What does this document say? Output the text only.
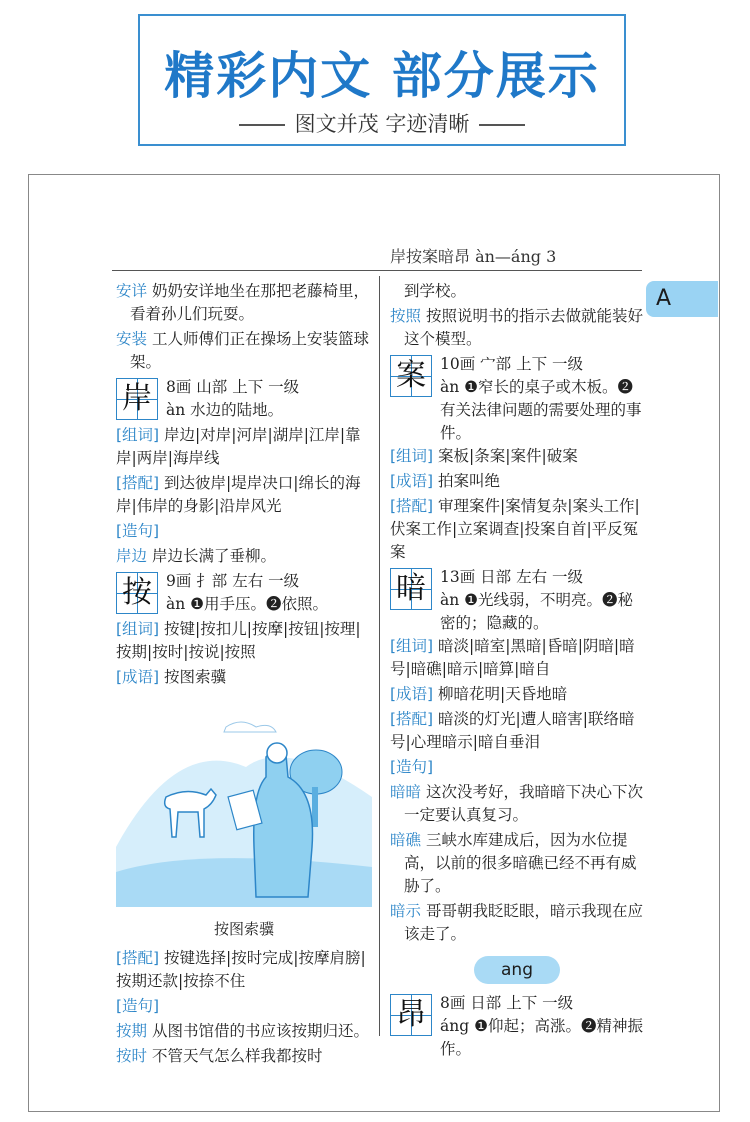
精彩内文 部分展示
图文并茂 字迹清晰
岸按案暗昂 àn—áng 3
A

安详 奶奶安详地坐在那把老藤椅里，看着孙儿们玩耍。

安装 工人师傅们正在操场上安装篮球架。

岸 8画 山部 上下 一级
àn 水边的陆地。

[组词] 岸边|对岸|河岸|湖岸|江岸|靠岸|两岸|海岸线

[搭配] 到达彼岸|堤岸决口|绵长的海岸|伟岸的身影|沿岸风光

[造句]

岸边 岸边长满了垂柳。

按 9画 扌部 左右 一级
àn ❶用手压。❷依照。

[组词] 按键|按扣儿|按摩|按钮|按理|按期|按时|按说|按照

[成语] 按图索骥

按图索骥

[搭配] 按键选择|按时完成|按摩肩膀|按期还款|按捺不住

[造句]

按期 从图书馆借的书应该按期归还。

按时 不管天气怎么样我都按时

到学校。

按照 按照说明书的指示去做就能装好这个模型。

案 10画 宀部 上下 一级
àn ❶窄长的桌子或木板。❷有关法律问题的需要处理的事件。

[组词] 案板|条案|案件|破案

[成语] 拍案叫绝

[搭配] 审理案件|案情复杂|案头工作|伏案工作|立案调查|投案自首|平反冤案

暗 13画 日部 左右 一级
àn ❶光线弱，不明亮。❷秘密的；隐藏的。

[组词] 暗淡|暗室|黑暗|昏暗|阴暗|暗号|暗礁|暗示|暗算|暗自

[成语] 柳暗花明|天昏地暗

[搭配] 暗淡的灯光|遭人暗害|联络暗号|心理暗示|暗自垂泪

[造句]

暗暗 这次没考好，我暗暗下决心下次一定要认真复习。

暗礁 三峡水库建成后，因为水位提高，以前的很多暗礁已经不再有威胁了。

暗示 哥哥朝我眨眨眼，暗示我现在应该走了。

ang
昂 8画 日部 上下 一级
áng ❶仰起；高涨。❷精神振作。
